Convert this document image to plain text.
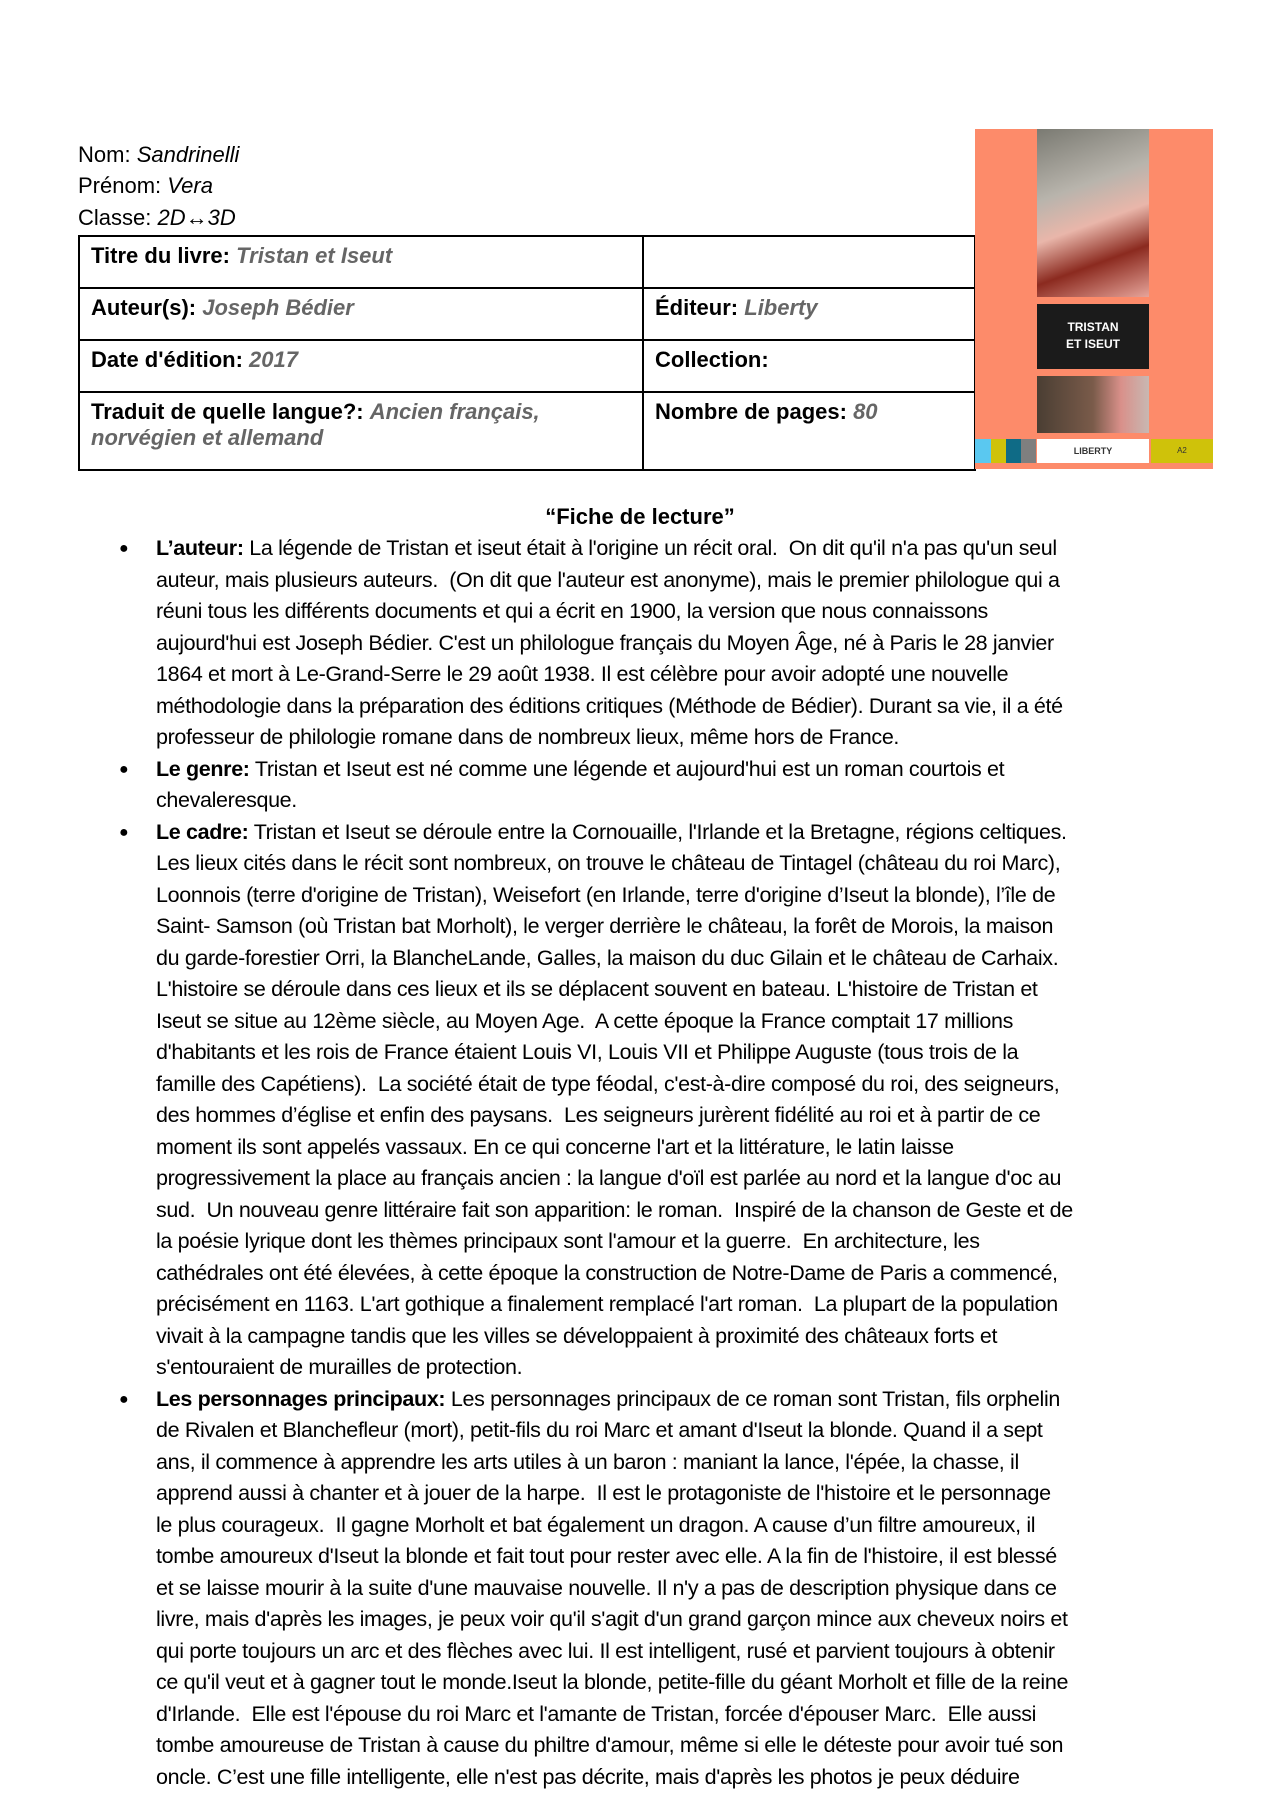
Nom: Sandrinelli
Prénom: Vera
Classe: 2D↔3D
Titre du livre: Tristan et Iseut	
Auteur(s): Joseph Bédier	Éditeur: Liberty
Date d'édition: 2017	Collection:
Traduit de quelle langue?: Ancien français, norvégien et allemand	Nombre de pages: 80
TRISTAN
ET ISEUT
LIBERTY	A2
“Fiche de lecture”
● L’auteur: La légende de Tristan et iseut était à l'origine un récit oral.  On dit qu'il n'a pas qu'un seul
auteur, mais plusieurs auteurs.  (On dit que l'auteur est anonyme), mais le premier philologue qui a
réuni tous les différents documents et qui a écrit en 1900, la version que nous connaissons
aujourd'hui est Joseph Bédier. C'est un philologue français du Moyen Âge, né à Paris le 28 janvier
1864 et mort à Le-Grand-Serre le 29 août 1938. Il est célèbre pour avoir adopté une nouvelle
méthodologie dans la préparation des éditions critiques (Méthode de Bédier). Durant sa vie, il a été
professeur de philologie romane dans de nombreux lieux, même hors de France.
● Le genre: Tristan et Iseut est né comme une légende et aujourd'hui est un roman courtois et
chevaleresque.
● Le cadre: Tristan et Iseut se déroule entre la Cornouaille, l'Irlande et la Bretagne, régions celtiques.
Les lieux cités dans le récit sont nombreux, on trouve le château de Tintagel (château du roi Marc),
Loonnois (terre d'origine de Tristan), Weisefort (en Irlande, terre d'origine d’Iseut la blonde), l’île de
Saint- Samson (où Tristan bat Morholt), le verger derrière le château, la forêt de Morois, la maison
du garde-forestier Orri, la BlancheLande, Galles, la maison du duc Gilain et le château de Carhaix.
L'histoire se déroule dans ces lieux et ils se déplacent souvent en bateau. L'histoire de Tristan et
Iseut se situe au 12ème siècle, au Moyen Age.  A cette époque la France comptait 17 millions
d'habitants et les rois de France étaient Louis VI, Louis VII et Philippe Auguste (tous trois de la
famille des Capétiens).  La société était de type féodal, c'est-à-dire composé du roi, des seigneurs,
des hommes d’église et enfin des paysans.  Les seigneurs jurèrent fidélité au roi et à partir de ce
moment ils sont appelés vassaux. En ce qui concerne l'art et la littérature, le latin laisse
progressivement la place au français ancien : la langue d'oïl est parlée au nord et la langue d'oc au
sud.  Un nouveau genre littéraire fait son apparition: le roman.  Inspiré de la chanson de Geste et de
la poésie lyrique dont les thèmes principaux sont l'amour et la guerre.  En architecture, les
cathédrales ont été élevées, à cette époque la construction de Notre-Dame de Paris a commencé,
précisément en 1163. L'art gothique a finalement remplacé l'art roman.  La plupart de la population
vivait à la campagne tandis que les villes se développaient à proximité des châteaux forts et
s'entouraient de murailles de protection.
● Les personnages principaux: Les personnages principaux de ce roman sont Tristan, fils orphelin
de Rivalen et Blanchefleur (mort), petit-fils du roi Marc et amant d'Iseut la blonde. Quand il a sept
ans, il commence à apprendre les arts utiles à un baron : maniant la lance, l'épée, la chasse, il
apprend aussi à chanter et à jouer de la harpe.  Il est le protagoniste de l'histoire et le personnage
le plus courageux.  Il gagne Morholt et bat également un dragon. A cause d’un filtre amoureux, il
tombe amoureux d'Iseut la blonde et fait tout pour rester avec elle. A la fin de l'histoire, il est blessé
et se laisse mourir à la suite d'une mauvaise nouvelle. Il n'y a pas de description physique dans ce
livre, mais d'après les images, je peux voir qu'il s'agit d'un grand garçon mince aux cheveux noirs et
qui porte toujours un arc et des flèches avec lui. Il est intelligent, rusé et parvient toujours à obtenir
ce qu'il veut et à gagner tout le monde.Iseut la blonde, petite-fille du géant Morholt et fille de la reine
d'Irlande.  Elle est l'épouse du roi Marc et l'amante de Tristan, forcée d'épouser Marc.  Elle aussi
tombe amoureuse de Tristan à cause du philtre d'amour, même si elle le déteste pour avoir tué son
oncle. C’est une fille intelligente, elle n'est pas décrite, mais d'après les photos je peux déduire
